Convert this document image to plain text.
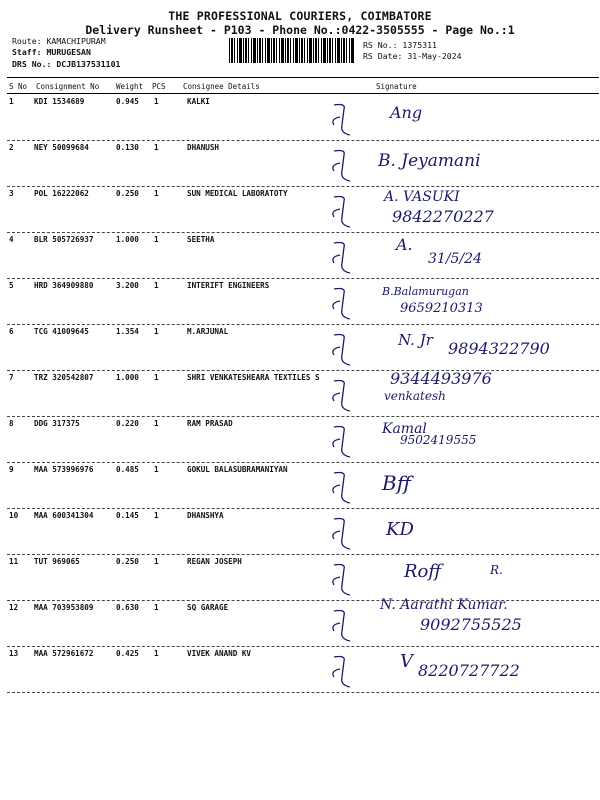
THE PROFESSIONAL COURIERS, COIMBATORE
Delivery Runsheet - P103 - Phone No.:0422-3505555 - Page No.:1
Route: KAMACHIPURAM
Staff: MURUGESAN
DRS No.: DCJB137531101
RS No.: 1375311
RS Date: 31-May-2024
S No Consignment No Weight PCS Consignee Details	Signature
1	KDI 1534689	0.945 1	KALKI
Ang
2	NEY 50099684	0.130 1	DHANUSH
B. Jeyamani
3	POL 16222062	0.250 1	SUN MEDICAL LABORATOTY	A. VASUKI
9842270227
4	BLR 505726937	1.000 1	SEETHA	A.
31/5/24
5	HRD 364909880	3.200 1	INTERIFT ENGINEERS	B.Balamurugan
9659210313
6	TCG 41009645	1.354 1	M.ARJUNAL	N. Jr 9894322790
7	TRZ 320542807	1.000 1	SHRI VENKATESHEARA TEXTILES S	9344493976
venkatesh
8	DDG 317375	0.220 1	RAM PRASAD	Kamal
9502419555
9	MAA 573996976	0.485 1	GOKUL BALASUBRAMANIYAN
Bff
10 MAA 600341304	0.145 1	DHANSHYA
KD
11 TUT 969065	0.250 1	REGAN JOSEPH	Roff	R.
12 MAA 703953809	0.630 1	SQ GARAGE	N. Aarathi Kumar.
9092755525
13 MAA 572961672	0.425 1	VIVEK ANAND KV	V 8220727722
